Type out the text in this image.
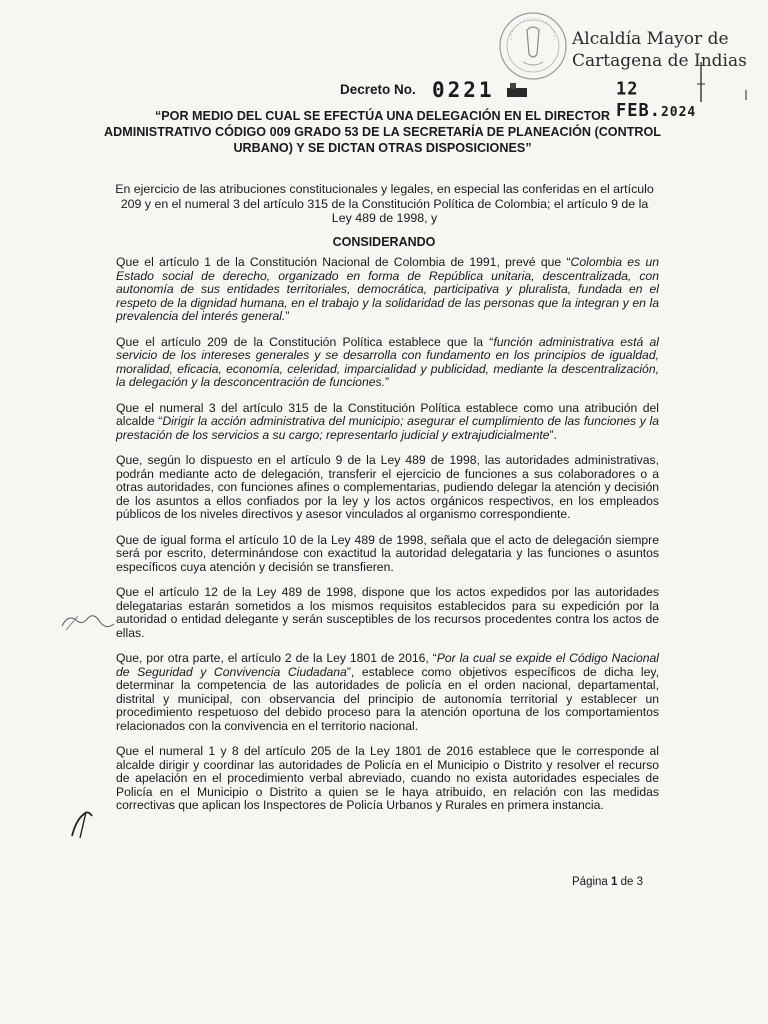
Alcaldía Mayor de
Cartagena de Indias
Decreto No. 0221	12 FEB.2024
“POR MEDIO DEL CUAL SE EFECTÚA UNA DELEGACIÓN EN EL DIRECTOR ADMINISTRATIVO CÓDIGO 009 GRADO 53 DE LA SECRETARÍA DE PLANEACIÓN (CONTROL URBANO) Y SE DICTAN OTRAS DISPOSICIONES”
En ejercicio de las atribuciones constitucionales y legales, en especial las conferidas en el artículo 209 y en el numeral 3 del artículo 315 de la Constitución Política de Colombia; el artículo 9 de la Ley 489 de 1998, y
CONSIDERANDO

Que el artículo 1 de la Constitución Nacional de Colombia de 1991, prevé que “Colombia es un Estado social de derecho, organizado en forma de República unitaria, descentralizada, con autonomía de sus entidades territoriales, democrática, participativa y pluralista, fundada en el respeto de la dignidad humana, en el trabajo y la solidaridad de las personas que la integran y en la prevalencia del interés general.”

Que el artículo 209 de la Constitución Política establece que la “función administrativa está al servicio de los intereses generales y se desarrolla con fundamento en los principios de igualdad, moralidad, eficacia, economía, celeridad, imparcialidad y publicidad, mediante la descentralización, la delegación y la desconcentración de funciones.”

Que el numeral 3 del artículo 315 de la Constitución Política establece como una atribución del alcalde “Dirigir la acción administrativa del municipio; asegurar el cumplimiento de las funciones y la prestación de los servicios a su cargo; representarlo judicial y extrajudicialmente”.

Que, según lo dispuesto en el artículo 9 de la Ley 489 de 1998, las autoridades administrativas, podrán mediante acto de delegación, transferir el ejercicio de funciones a sus colaboradores o a otras autoridades, con funciones afines o complementarias, pudiendo delegar la atención y decisión de los asuntos a ellos confiados por la ley y los actos orgánicos respectivos, en los empleados públicos de los niveles directivos y asesor vinculados al organismo correspondiente.

Que de igual forma el artículo 10 de la Ley 489 de 1998, señala que el acto de delegación siempre será por escrito, determinándose con exactitud la autoridad delegataria y las funciones o asuntos específicos cuya atención y decisión se transfieren.

Que el artículo 12 de la Ley 489 de 1998, dispone que los actos expedidos por las autoridades delegatarias estarán sometidos a los mismos requisitos establecidos para su expedición por la autoridad o entidad delegante y serán susceptibles de los recursos procedentes contra los actos de ellas.

Que, por otra parte, el artículo 2 de la Ley 1801 de 2016, “Por la cual se expide el Código Nacional de Seguridad y Convivencia Ciudadana”, establece como objetivos específicos de dicha ley, determinar la competencia de las autoridades de policía en el orden nacional, departamental, distrital y municipal, con observancia del principio de autonomía territorial y establecer un procedimiento respetuoso del debido proceso para la atención oportuna de los comportamientos relacionados con la convivencia en el territorio nacional.

Que el numeral 1 y 8 del artículo 205 de la Ley 1801 de 2016 establece que le corresponde al alcalde dirigir y coordinar las autoridades de Policía en el Municipio o Distrito y resolver el recurso de apelación en el procedimiento verbal abreviado, cuando no exista autoridades especiales de Policía en el Municipio o Distrito a quien se le haya atribuido, en relación con las medidas correctivas que aplican los Inspectores de Policía Urbanos y Rurales en primera instancia.

Página 1 de 3
